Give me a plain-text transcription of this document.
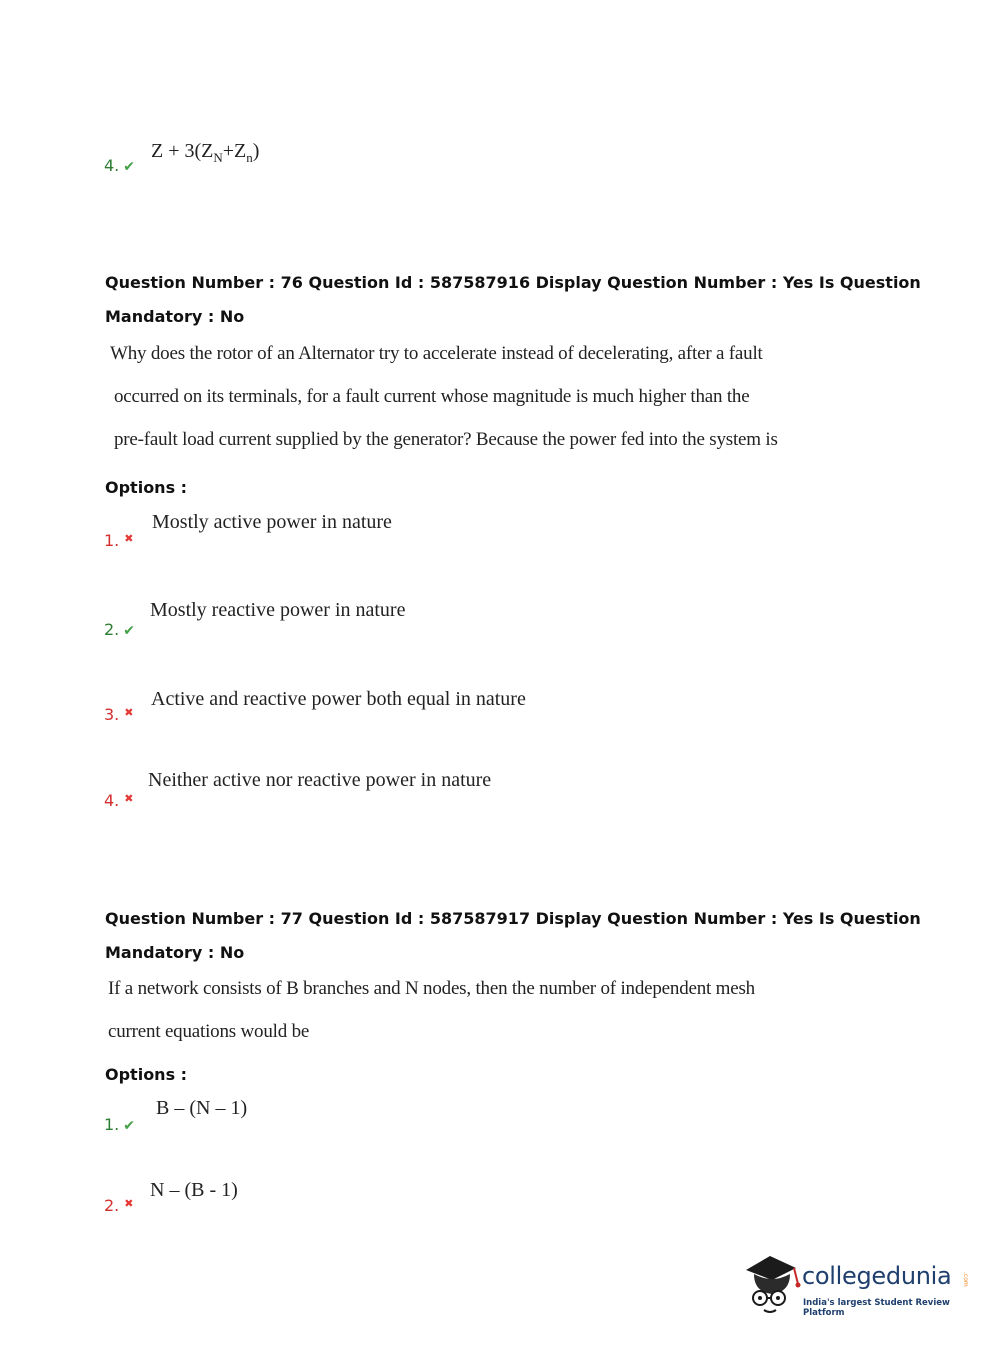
4. ✔
$Z + 3(Z_N+Z_n)$
Question Number : 76 Question Id : 587587916 Display Question Number : Yes Is Question
Mandatory : No
Why does the rotor of an Alternator try to accelerate instead of decelerating, after a fault
occurred on its terminals, for a fault current whose magnitude is much higher than the
pre-fault load current supplied by the generator? Because the power fed into the system is
Options :
1. ✖
Mostly active power in nature
2. ✔
Mostly reactive power in nature
3. ✖
Active and reactive power both equal in nature
4. ✖
Neither active nor reactive power in nature
Question Number : 77 Question Id : 587587917 Display Question Number : Yes Is Question
Mandatory : No
If a network consists of B branches and N nodes, then the number of independent mesh
current equations would be
Options :
1. ✔
B – (N – 1)
2. ✖
N – (B - 1)
collegedunia .com
India's largest Student Review Platform
